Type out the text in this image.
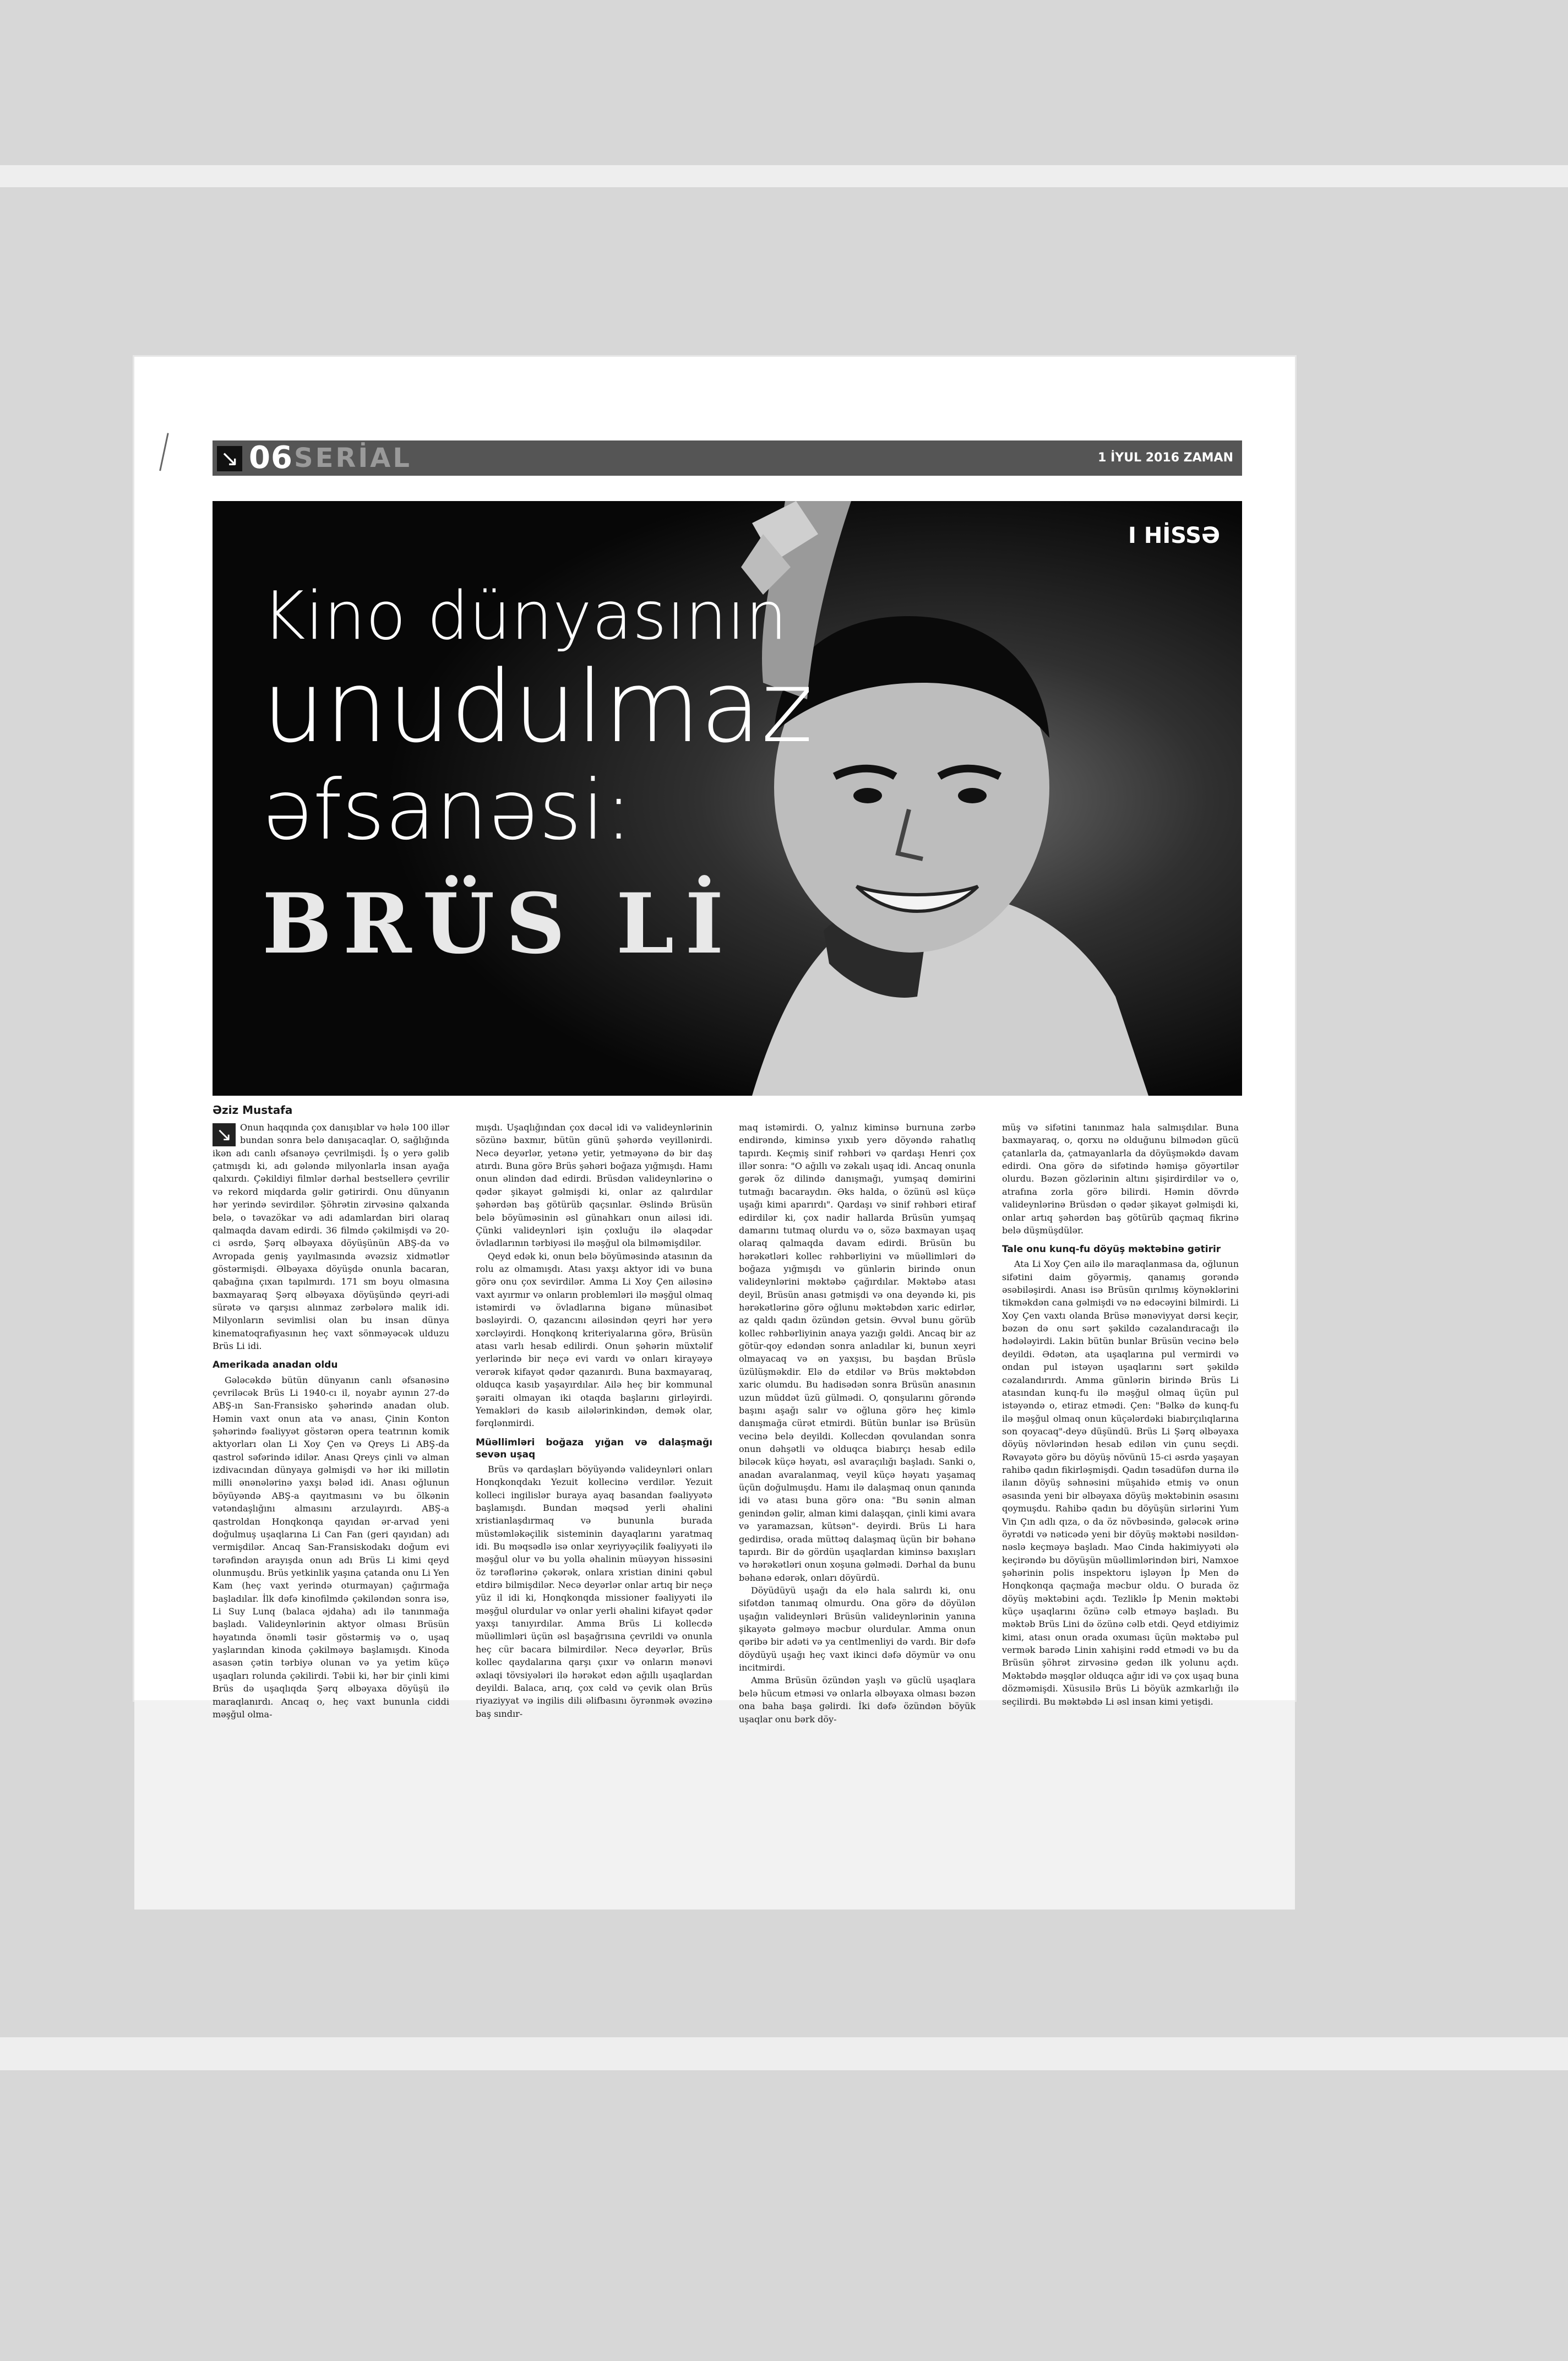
↘ 06 SERİAL	1 İYUL 2016 ZAMAN
I HİSSƏ
Kino dünyasının
unudulmaz
əfsanəsi:
BRÜS Lİ
Əziz Mustafa

↘ Onun haqqında çox danışıblar və hələ 100 illər bundan sonra belə danışacaqlar. O, sağlığında ikən adı canlı əfsanəyə çevrilmişdi. İş o yerə gəlib çatmışdı ki, adı gələndə milyonlarla insan ayağa qalxırdı. Çəkildiyi filmlər dərhal bestsellerə çevrilir və rekord miqdarda gəlir gətirirdi. Onu dünyanın hər yerində sevirdilər. Şöhrətin zirvəsinə qalxanda belə, o təvazökar və adi adamlardan biri olaraq qalmaqda davam edirdi. 36 filmdə çəkilmişdi və 20-ci əsrdə, Şərq əlbəyaxa döyüşünün ABŞ-da və Avropada geniş yayılmasında əvəzsiz xidmətlər göstərmişdi. Əlbəyaxa döyüşdə onunla bacaran, qabağına çıxan tapılmırdı. 171 sm boyu olmasına baxmayaraq Şərq əlbəyaxa döyüşündə qeyri-adi sürətə və qarşısı alınmaz zərbələrə malik idi. Milyonların sevimlisi olan bu insan dünya kinematoqrafiyasının heç vaxt sönməyəcək ulduzu Brüs Li idi.

Amerikada anadan oldu

Gələcəkdə bütün dünyanın canlı əfsanəsinə çevriləcək Brüs Li 1940-cı il, noyabr ayının 27-də ABŞ-ın San-Fransisko şəhərində anadan olub. Həmin vaxt onun ata və anası, Çinin Konton şəhərində fəaliyyət göstərən opera teatrının komik aktyorları olan Li Xoy Çen və Qreys Li ABŞ-da qastrol səfərində idilər. Anası Qreys çinli və alman izdivacından dünyaya gəlmişdi və hər iki millətin milli ənənələrinə yaxşı bələd idi. Anası oğlunun böyüyəndə ABŞ-a qayıtmasını və bu ölkənin vətəndaşlığını almasını arzulayırdı. ABŞ-a qastroldan Honqkonqa qayıdan ər-arvad yeni doğulmuş uşaqlarına Li Can Fan (geri qayıdan) adı vermişdilər. Ancaq San-Fransiskodakı doğum evi tərəfindən arayışda onun adı Brüs Li kimi qeyd olunmuşdu. Brüs yetkinlik yaşına çatanda onu Li Yen Kam (heç vaxt yerində oturmayan) çağırmağa başladılar. İlk dəfə kinofilmdə çəkiləndən sonra isə, Li Suy Lunq (balaca əjdaha) adı ilə tanınmağa başladı. Valideynlərinin aktyor olması Brüsün həyatında önəmli təsir göstərmiş və o, uşaq yaşlarından kinoda çəkilməyə başlamışdı. Kinoda asasən çətin tərbiyə olunan və ya yetim küçə uşaqları rolunda çəkilirdi. Təbii ki, hər bir çinli kimi Brüs də uşaqlıqda Şərq əlbəyaxa döyüşü ilə maraqlanırdı. Ancaq o, heç vaxt bununla ciddi məşğul olma-

mışdı. Uşaqlığından çox dəcəl idi və valideynlərinin sözünə baxmır, bütün günü şəhərdə veyillənirdi. Necə deyərlər, yetənə yetir, yetməyənə də bir daş atırdı. Buna görə Brüs şəhəri boğaza yığmışdı. Hamı onun əlindən dad edirdi. Brüsdən valideynlərinə o qədər şikayət gəlmişdi ki, onlar az qalırdılar şəhərdən baş götürüb qaçsınlar. Əslində Brüsün belə böyüməsinin əsl günahkarı onun ailəsi idi. Çünki valideynləri işin çoxluğu ilə əlaqədar övladlarının tərbiyəsi ilə məşğul ola bilməmişdilər.

Qeyd edək ki, onun belə böyüməsində atasının da rolu az olmamışdı. Atası yaxşı aktyor idi və buna görə onu çox sevirdilər. Amma Li Xoy Çen ailəsinə vaxt ayırmır və onların problemləri ilə məşğul olmaq istəmirdi və övladlarına biganə münasibət bəsləyirdi. O, qazancını ailəsindən qeyri hər yerə xərcləyirdi. Honqkonq kriteriyalarına görə, Brüsün atası varlı hesab edilirdi. Onun şəhərin müxtəlif yerlərində bir neçə evi vardı və onları kirayəyə verərək kifayət qədər qazanırdı. Buna baxmayaraq, olduqca kasıb yaşayırdılar. Ailə heç bir kommunal şəraiti olmayan iki otaqda başlarını girləyirdi. Yemakləri də kasıb ailələrinkindən, demək olar, fərqlənmirdi.

Müəllimləri boğaza yığan və dalaşmağı sevən uşaq

Brüs və qardaşları böyüyəndə valideynləri onları Honqkonqdakı Yezuit kollecinə verdilər. Yezuit kolleci ingilislər buraya ayaq basandan fəaliyyətə başlamışdı. Bundan məqsəd yerli əhalini xristianlaşdırmaq və bununla burada müstəmləkəçilik sisteminin dayaqlarını yaratmaq idi. Bu məqsədlə isə onlar xeyriyyəçilik fəaliyyəti ilə məşğul olur və bu yolla əhalinin müəyyən hissəsini öz tərəflərinə çəkərək, onlara xristian dinini qəbul etdirə bilmişdilər. Necə deyərlər onlar artıq bir neçə yüz il idi ki, Honqkonqda missioner fəaliyyəti ilə məşğul olurdular və onlar yerli əhalini kifayət qədər yaxşı tanıyırdılar. Amma Brüs Li kollecdə müəllimləri üçün əsl başağrısına çevrildi və onunla heç cür bacara bilmirdilər. Necə deyərlər, Brüs kollec qaydalarına qarşı çıxır və onların mənəvi əxlaqi tövsiyələri ilə hərəkət edən ağıllı uşaqlardan deyildi. Balaca, arıq, çox cəld və çevik olan Brüs riyaziyyat və ingilis dili əlifbasını öyrənmək əvəzinə baş sındır-

maq istəmirdi. O, yalnız kiminsə burnuna zərbə endirəndə, kiminsə yıxıb yerə döyəndə rahatlıq tapırdı. Keçmiş sinif rəhbəri və qardaşı Henri çox illər sonra: "O ağıllı və zəkalı uşaq idi. Ancaq onunla gərək öz dilində danışmağı, yumşaq dəmirini tutmağı bacaraydın. Əks halda, o özünü əsl küçə uşağı kimi aparırdı". Qardaşı və sinif rəhbəri etiraf edirdilər ki, çox nadir hallarda Brüsün yumşaq damarını tutmaq olurdu və o, sözə baxmayan uşaq olaraq qalmaqda davam edirdi. Brüsün bu hərəkətləri kollec rəhbərliyini və müəllimləri də boğaza yığmışdı və günlərin birində onun valideynlərini məktəbə çağırdılar. Məktəbə atası deyil, Brüsün anası gətmişdi və ona deyəndə ki, pis hərəkətlərinə görə oğlunu məktəbdən xaric edirlər, az qaldı qadın özündən getsin. Əvvəl bunu görüb kollec rəhbərliyinin anaya yazığı gəldi. Ancaq bir az götür-qoy edəndən sonra anladılar ki, bunun xeyri olmayacaq və ən yaxşısı, bu başdan Brüslə üzülüşməkdir. Elə də etdilər və Brüs məktəbdən xaric olumdu. Bu hadisədən sonra Brüsün anasının uzun müddət üzü gülmədi. O, qonşularını görəndə başını aşağı salır və oğluna görə heç kimlə danışmağa cürət etmirdi. Bütün bunlar isə Brüsün vecinə belə deyildi. Kollecdən qovulandan sonra onun dəhşətli və olduqca biabırçı hesab edilə biləcək küçə həyatı, əsl avaraçılığı başladı. Sanki o, anadan avaralanmaq, veyil küçə həyatı yaşamaq üçün doğulmuşdu. Hamı ilə dalaşmaq onun qanında idi və atası buna görə ona: "Bu sənin alman genindən gəlir, alman kimi dalaşqan, çinli kimi avara və yaramazsan, kütsən"- deyirdi. Brüs Li hara gedirdisə, orada müttəq dalaşmaq üçün bir bəhanə tapırdı. Bir də gördün uşaqlardan kiminsə baxışları və hərəkətləri onun xoşuna gəlmədi. Dərhal da bunu bəhanə edərək, onları döyürdü.

Döyüdüyü uşağı da elə hala salırdı ki, onu sifətdən tanımaq olmurdu. Ona görə də döyülən uşağın valideynləri Brüsün valideynlərinin yanına şikayətə gəlməyə məcbur olurdular. Amma onun qəribə bir adəti və ya centlmenliyi də vardı. Bir dəfə döydüyü uşağı heç vaxt ikinci dəfə döymür və onu incitmirdi.

Amma Brüsün özündən yaşlı və güclü uşaqlara belə hücum etməsi və onlarla əlbəyaxa olması bəzən ona baha başa gəlirdi. İki dəfə özündən böyük uşaqlar onu bərk döy-

müş və sifətini tanınmaz hala salmışdılar. Buna baxmayaraq, o, qorxu nə olduğunu bilmədən gücü çatanlarla da, çatmayanlarla da döyüşməkdə davam edirdi. Ona görə də sifətində həmişə göyərtilər olurdu. Bəzən gözlərinin altını şişirdirdilər və o, atrafına zorla görə bilirdi. Həmin dövrdə valideynlərinə Brüsdən o qədər şikayət gəlmişdi ki, onlar artıq şəhərdən baş götürüb qaçmaq fikrinə belə düşmüşdülər.

Tale onu kunq-fu döyüş məktəbinə gətirir

Ata Li Xoy Çen ailə ilə maraqlanmasa da, oğlunun sifətini daim göyərmiş, qanamış gorəndə əsəbiləşirdi. Anası isə Brüsün qırılmış köynəklərini tikməkdən cana gəlmişdi və nə edəcəyini bilmirdi. Li Xoy Çen vaxtı olanda Brüsə mənəviyyat dərsi keçir, bəzən də onu sərt şəkildə cəzalandıracağı ilə hədələyirdi. Lakin bütün bunlar Brüsün vecinə belə deyildi. Ədətən, ata uşaqlarına pul vermirdi və ondan pul istəyən uşaqlarını sərt şəkildə cəzalandırırdı. Amma günlərin birində Brüs Li atasından kunq-fu ilə məşğul olmaq üçün pul istəyəndə o, etiraz etmədi. Çen: "Bəlkə də kunq-fu ilə məşğul olmaq onun küçələrdəki biabırçılıqlarına son qoyacaq"-deyə düşündü. Brüs Li Şərq əlbəyaxa döyüş növlərindən hesab edilən vin çunu seçdi. Rəvayətə görə bu döyüş növünü 15-ci əsrdə yaşayan rahibə qadın fikirləşmişdi. Qadın təsadüfən durna ilə ilanın döyüş səhnəsini müşahidə etmiş və onun əsasında yeni bir əlbəyaxa döyüş məktəbinin əsasını qoymuşdu. Rahibə qadın bu döyüşün sirlərini Yum Vin Çın adlı qıza, o da öz növbəsində, gələcək ərinə öyrətdi və nəticədə yeni bir döyüş məktəbi nəsildən-nəslə keçməyə başladı. Mao Cinda hakimiyyəti ələ keçirəndə bu döyüşün müəllimlərindən biri, Namxoe şəhərinin polis inspektoru işləyən İp Men də Honqkonqa qaçmağa məcbur oldu. O burada öz döyüş məktəbini açdı. Tezliklə İp Menin məktəbi küçə uşaqlarını özünə cəlb etməyə başladı. Bu məktəb Brüs Lini də özünə cəlb etdi. Qeyd etdiyimiz kimi, atası onun orada oxuması üçün məktəbə pul vermək barədə Linin xahişini rədd etmədi və bu da Brüsün şöhrət zirvəsinə gedən ilk yolunu açdı. Məktəbdə məşqlər olduqca ağır idi və çox uşaq buna dözməmişdi. Xüsusilə Brüs Li böyük azmkarlığı ilə seçilirdi. Bu məktəbdə Li əsl insan kimi yetişdi.
